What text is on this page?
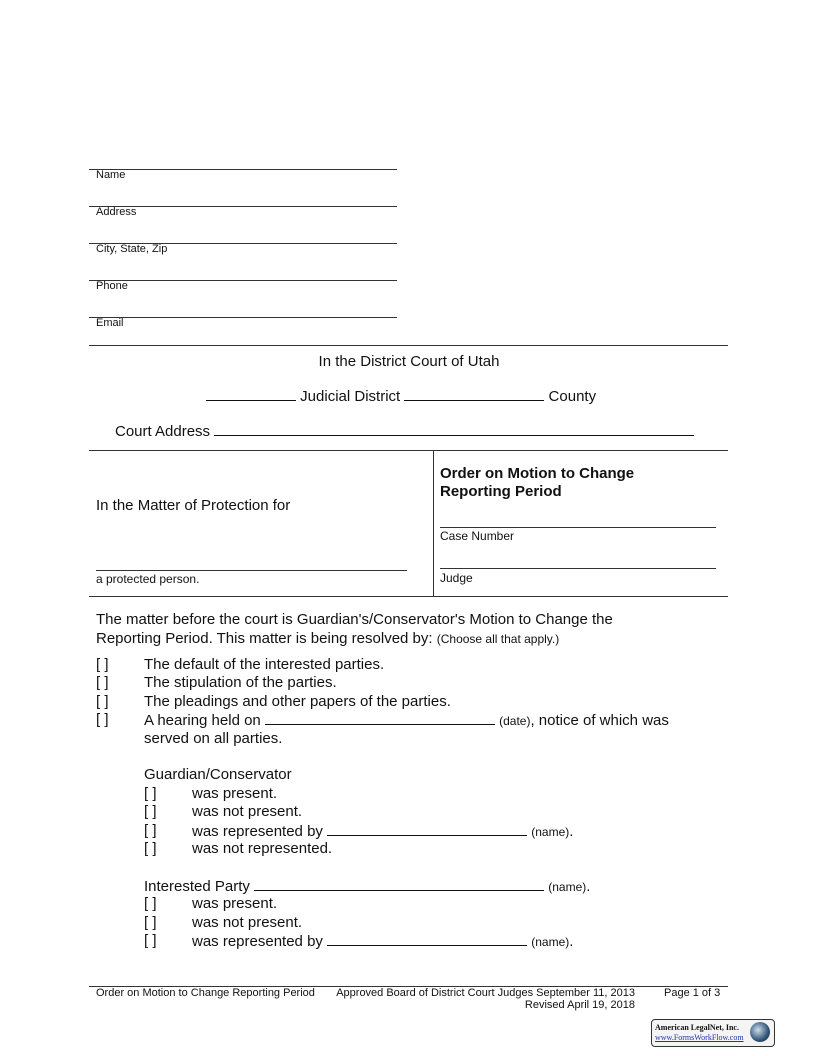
Name
Address
City, State, Zip
Phone
Email
In the District Court of Utah
Judicial District	County
Court Address
In the Matter of Protection for
a protected person.
Order on Motion to Change
Reporting Period
Case Number
Judge
The matter before the court is Guardian's/Conservator's Motion to Change the
Reporting Period. This matter is being resolved by: (Choose all that apply.)
[ ] The default of the interested parties.
[ ] The stipulation of the parties.
[ ] The pleadings and other papers of the parties.
[ ] A hearing held on	(date), notice of which was
served on all parties.
Guardian/Conservator
[ ] was present.
[ ] was not present.
[ ] was represented by	(name).
[ ] was not represented.
Interested Party	(name).
[ ] was present.
[ ] was not present.
[ ] was represented by	(name).
Order on Motion to Change Reporting Period Approved Board of District Court Judges September 11, 2013
Revised April 19, 2018
Page 1 of 3
American LegalNet, Inc.
www.FormsWorkFlow.com
